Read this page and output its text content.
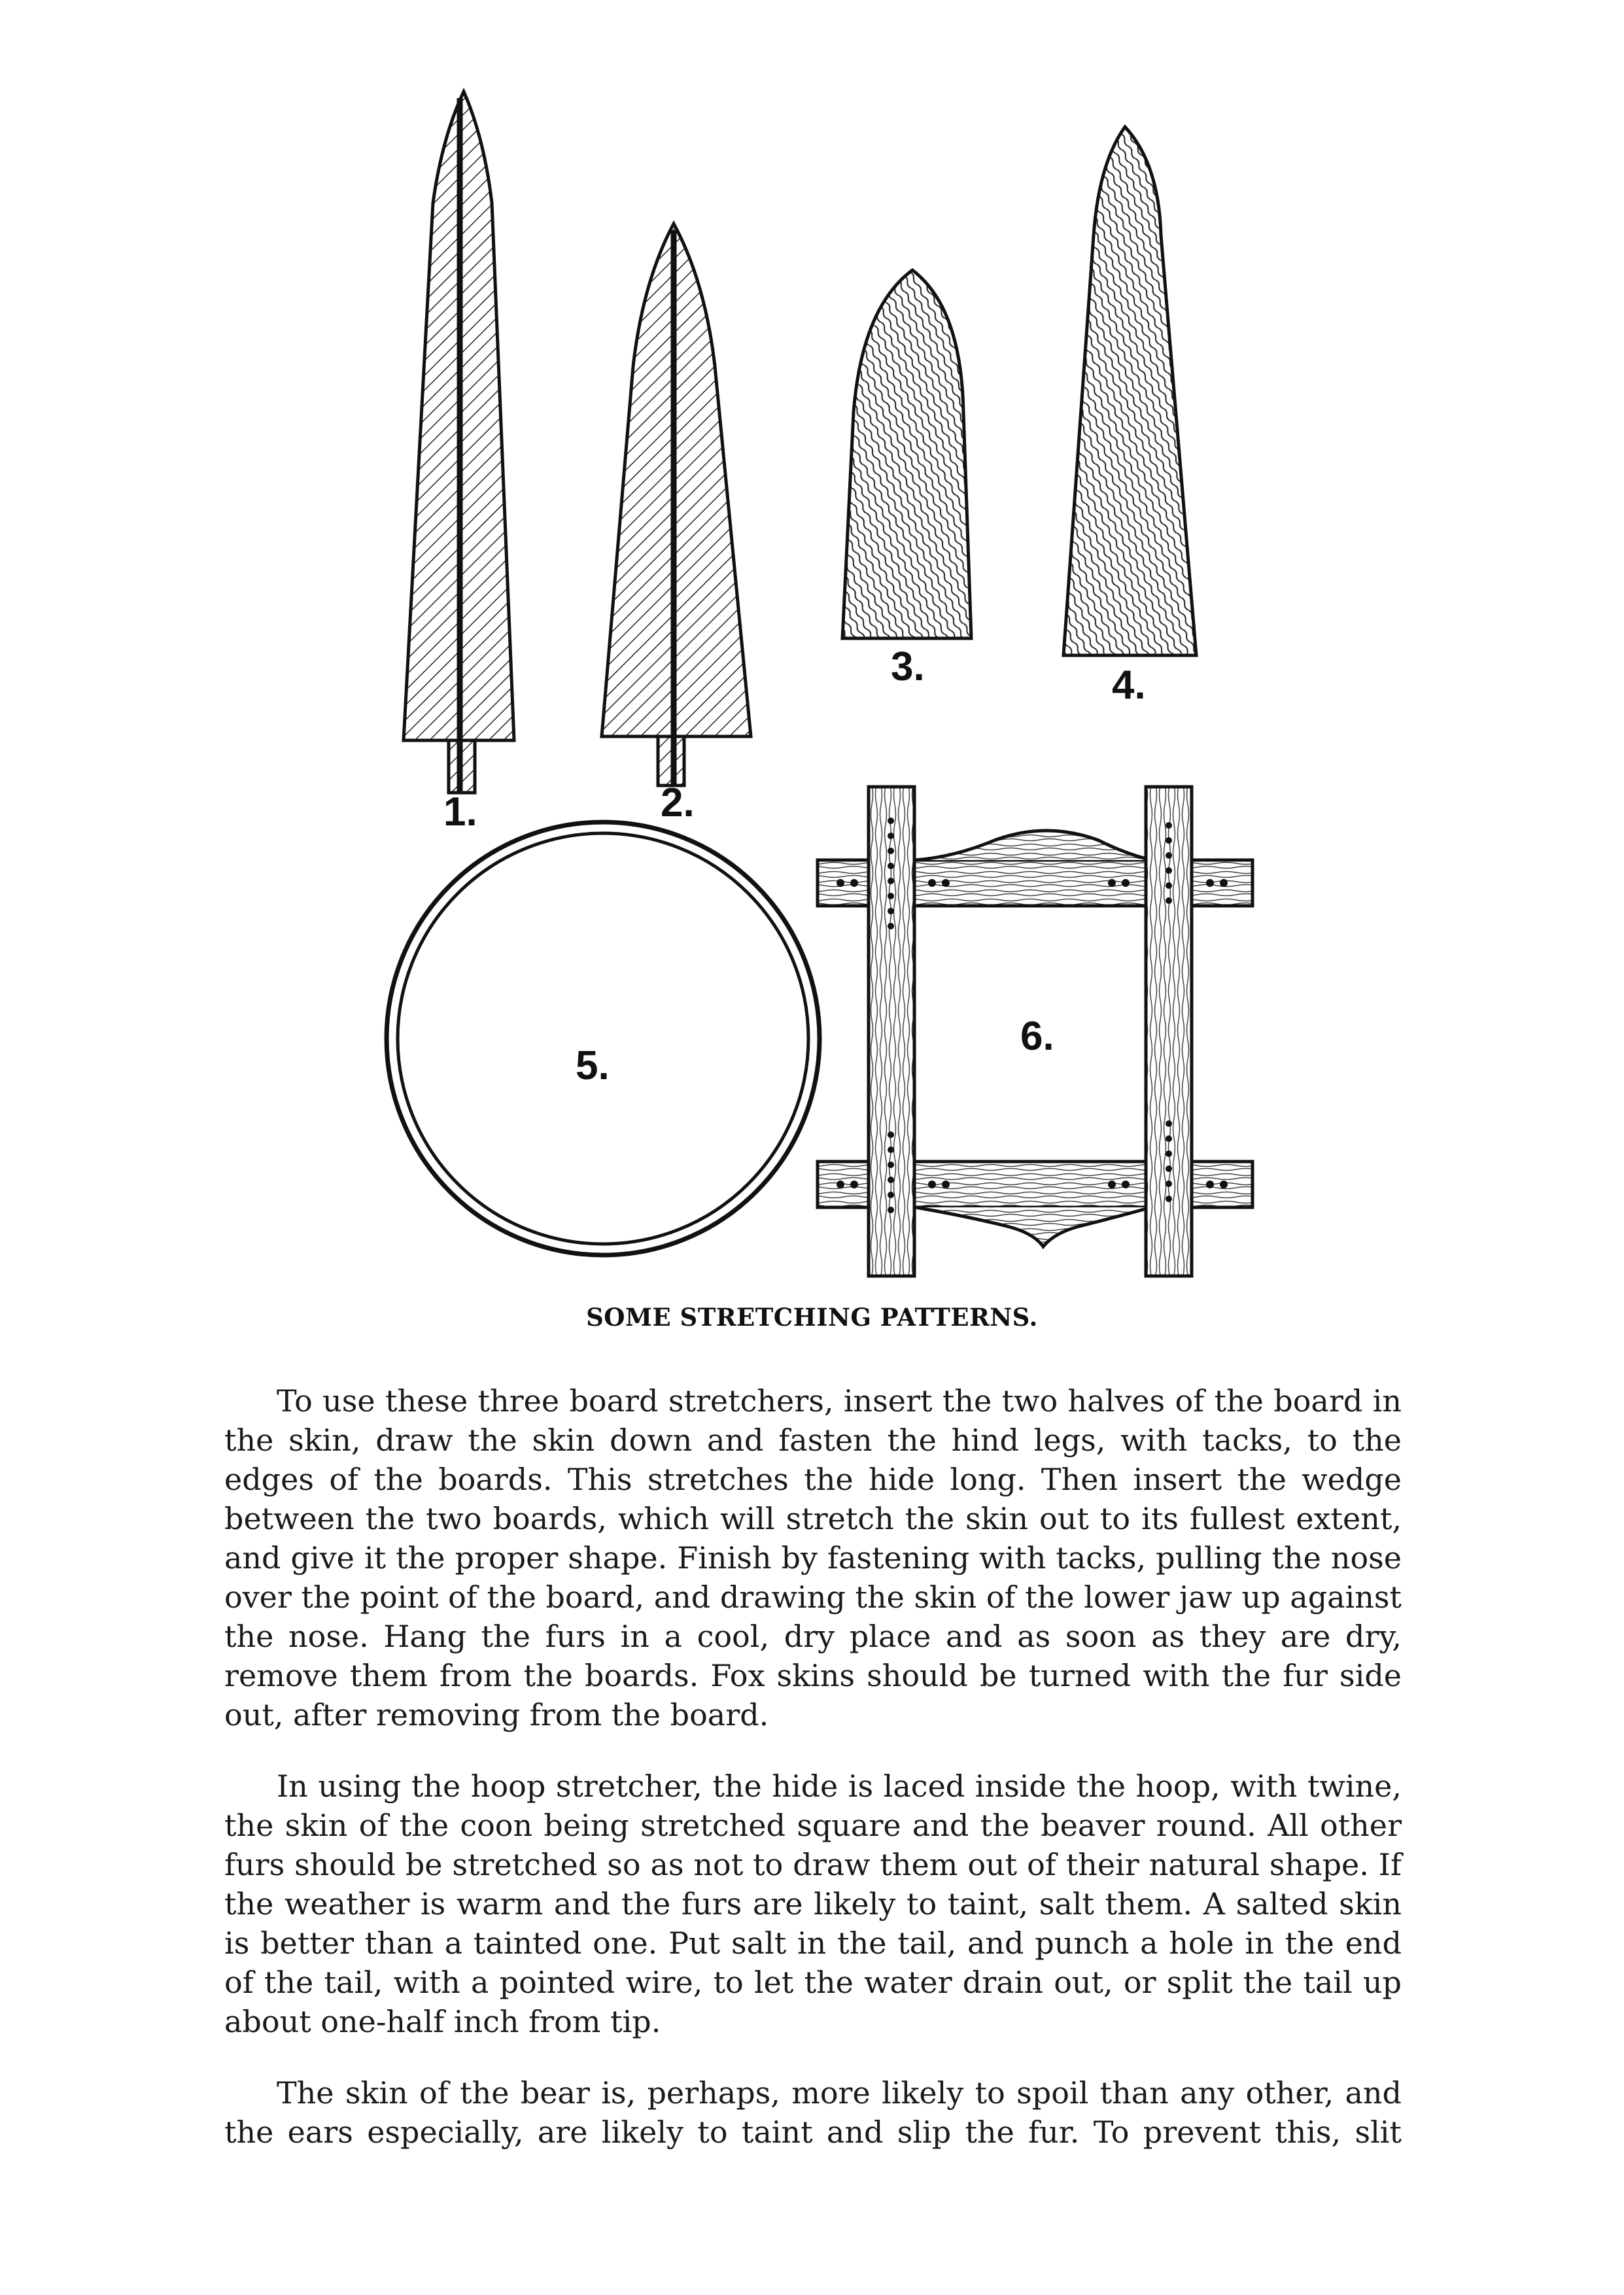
1.	2.
3.	4.
5.
6.
SOME STRETCHING PATTERNS.

To use these three board stretchers, insert the two halves of the board in the skin, draw the skin down and fasten the hind legs, with tacks, to the edges of the boards. This stretches the hide long. Then insert the wedge between the two boards, which will stretch the skin out to its fullest extent, and give it the proper shape. Finish by fastening with tacks, pulling the nose over the point of the board, and drawing the skin of the lower jaw up against the nose. Hang the furs in a cool, dry place and as soon as they are dry, remove them from the boards. Fox skins should be turned with the fur side out, after removing from the board.

In using the hoop stretcher, the hide is laced inside the hoop, with twine, the skin of the coon being stretched square and the beaver round. All other furs should be stretched so as not to draw them out of their natural shape. If the weather is warm and the furs are likely to taint, salt them. A salted skin is better than a tainted one. Put salt in the tail, and punch a hole in the end of the tail, with a pointed wire, to let the water drain out, or split the tail up about one-half inch from tip.

The skin of the bear is, perhaps, more likely to spoil than any other, and the ears especially, are likely to taint and slip the fur. To prevent this, slit
